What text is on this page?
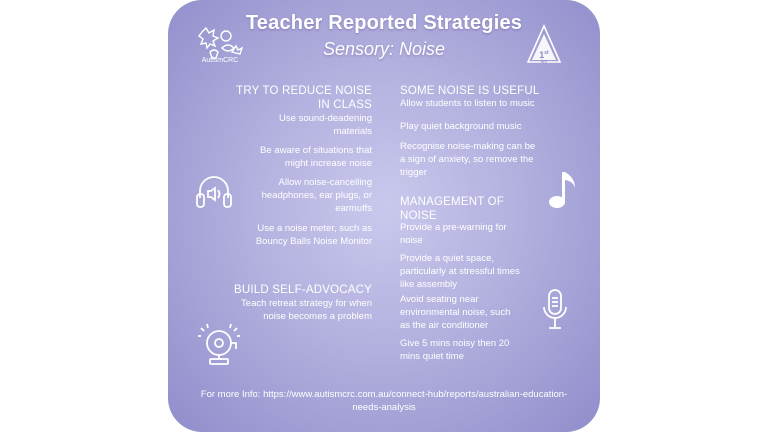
AutismCRC
Teacher Reported Strategies
Sensory: Noise	1st
tier
TRY TO REDUCE NOISE
IN CLASS
Use sound-deadening
materials
Be aware of situations that
might increase noise
Allow noise-cancelling
headphones, ear plugs, or
earmuffs
Use a noise meter, such as
Bouncy Balls Noise Monitor
BUILD SELF-ADVOCACY
Teach retreat strategy for when
noise becomes a problem
SOME NOISE IS USEFUL
Allow students to listen to music
Play quiet background music
Recognise noise-making can be
a sign of anxiety, so remove the
trigger
MANAGEMENT OF
NOISE
Provide a pre-warning for
noise
Provide a quiet space,
particularly at stressful times
like assembly
Avoid seating near
environmental noise, such
as the air conditioner
Give 5 mins noisy then 20
mins quiet time
For more Info: https://www.autismcrc.com.au/connect-hub/reports/australian-education-
needs-analysis
